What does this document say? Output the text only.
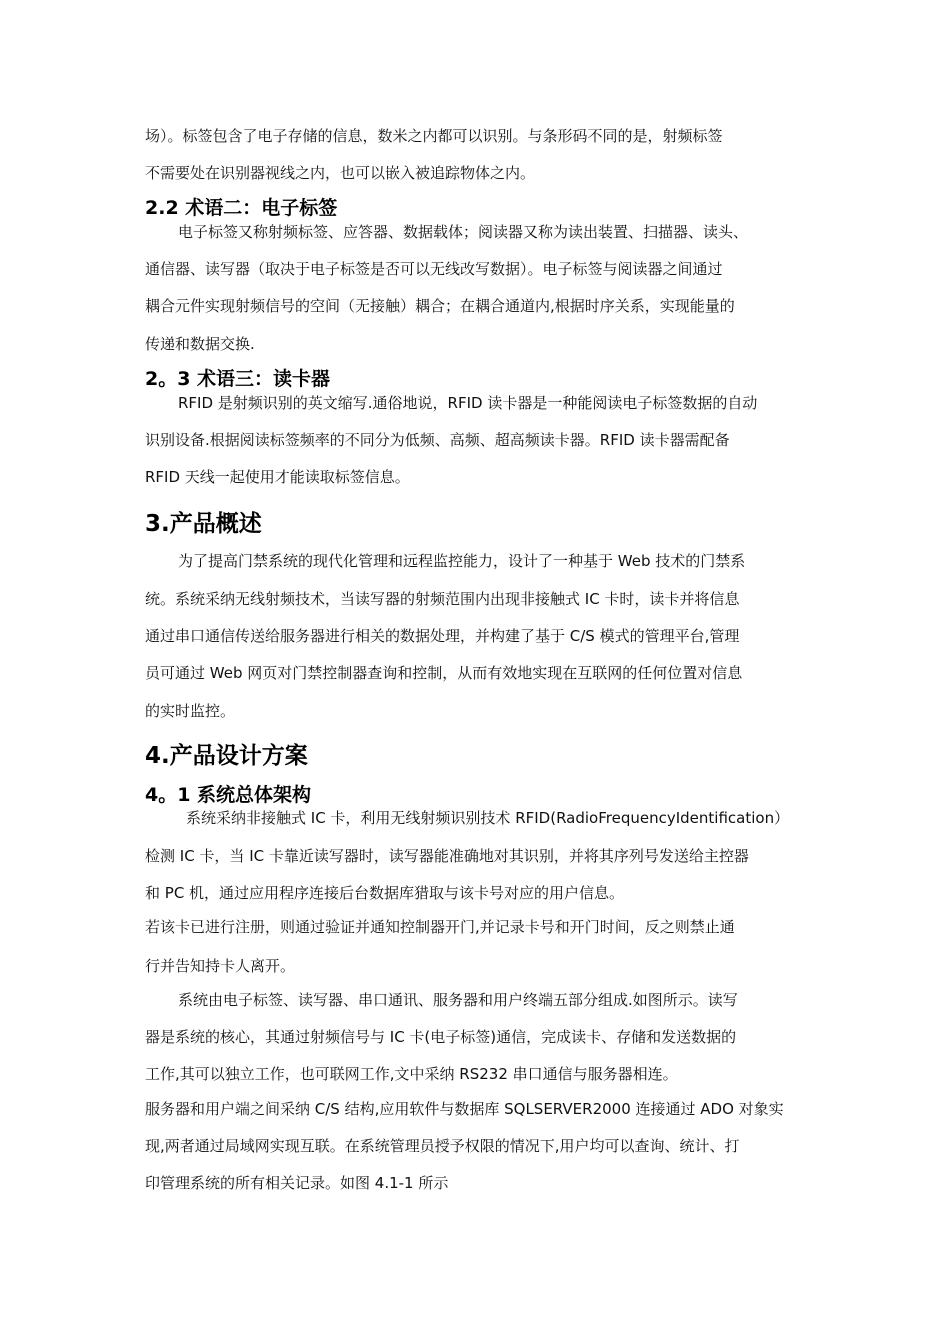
场）。标签包含了电子存储的信息，数米之内都可以识别。与条形码不同的是，射频标签
不需要处在识别器视线之内，也可以嵌入被追踪物体之内。
2.2 术语二：电子标签
电子标签又称射频标签、应答器、数据载体；阅读器又称为读出装置、扫描器、读头、
通信器、读写器（取决于电子标签是否可以无线改写数据）。电子标签与阅读器之间通过
耦合元件实现射频信号的空间（无接触）耦合；在耦合通道内,根据时序关系，实现能量的
传递和数据交换.
2。3 术语三：读卡器
RFID 是射频识别的英文缩写.通俗地说，RFID 读卡器是一种能阅读电子标签数据的自动
识别设备.根据阅读标签频率的不同分为低频、高频、超高频读卡器。RFID 读卡器需配备
RFID 天线一起使用才能读取标签信息。
3.产品概述
为了提高门禁系统的现代化管理和远程监控能力，设计了一种基于 Web 技术的门禁系
统。系统采纳无线射频技术，当读写器的射频范围内出现非接触式 IC 卡时，读卡并将信息
通过串口通信传送给服务器进行相关的数据处理，并构建了基于 C/S 模式的管理平台,管理
员可通过 Web 网页对门禁控制器查询和控制，从而有效地实现在互联网的任何位置对信息
的实时监控。
4.产品设计方案
4。1 系统总体架构
系统采纳非接触式 IC 卡，利用无线射频识别技术 RFID(RadioFrequencyIdentification）
检测 IC 卡，当 IC 卡靠近读写器时，读写器能准确地对其识别，并将其序列号发送给主控器
和 PC 机，通过应用程序连接后台数据库猎取与该卡号对应的用户信息。
若该卡已进行注册，则通过验证并通知控制器开门,并记录卡号和开门时间，反之则禁止通
行并告知持卡人离开。
系统由电子标签、读写器、串口通讯、服务器和用户终端五部分组成.如图所示。读写
器是系统的核心，其通过射频信号与 IC 卡(电子标签)通信，完成读卡、存储和发送数据的
工作,其可以独立工作，也可联网工作,文中采纳 RS232 串口通信与服务器相连。
服务器和用户端之间采纳 C/S 结构,应用软件与数据库 SQLSERVER2000 连接通过 ADO 对象实
现,两者通过局域网实现互联。在系统管理员授予权限的情况下,用户均可以查询、统计、打
印管理系统的所有相关记录。如图 4.1-1 所示
